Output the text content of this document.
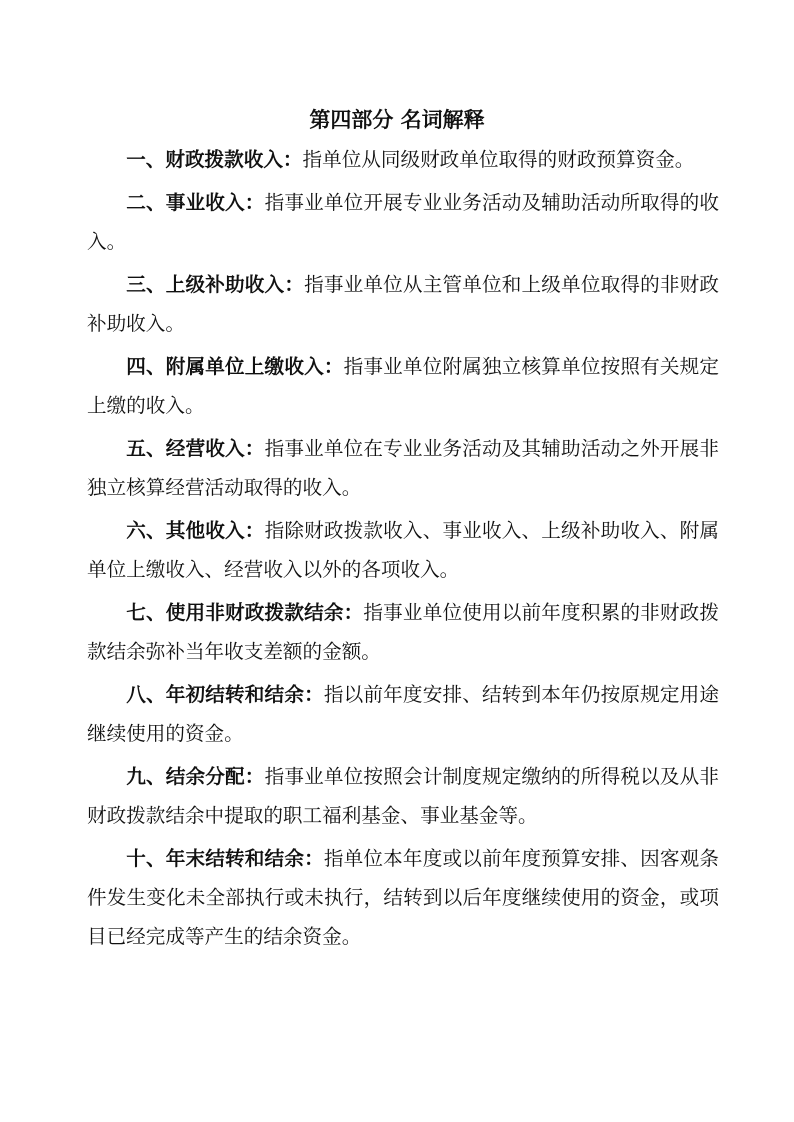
第四部分 名词解释

一、财政拨款收入：指单位从同级财政单位取得的财政预算资金。

二、事业收入：指事业单位开展专业业务活动及辅助活动所取得的收入。

三、上级补助收入：指事业单位从主管单位和上级单位取得的非财政补助收入。

四、附属单位上缴收入：指事业单位附属独立核算单位按照有关规定上缴的收入。

五、经营收入：指事业单位在专业业务活动及其辅助活动之外开展非独立核算经营活动取得的收入。

六、其他收入：指除财政拨款收入、事业收入、上级补助收入、附属单位上缴收入、经营收入以外的各项收入。

七、使用非财政拨款结余：指事业单位使用以前年度积累的非财政拨款结余弥补当年收支差额的金额。

八、年初结转和结余：指以前年度安排、结转到本年仍按原规定用途继续使用的资金。

九、结余分配：指事业单位按照会计制度规定缴纳的所得税以及从非财政拨款结余中提取的职工福利基金、事业基金等。

十、年末结转和结余：指单位本年度或以前年度预算安排、因客观条件发生变化未全部执行或未执行，结转到以后年度继续使用的资金，或项目已经完成等产生的结余资金。
